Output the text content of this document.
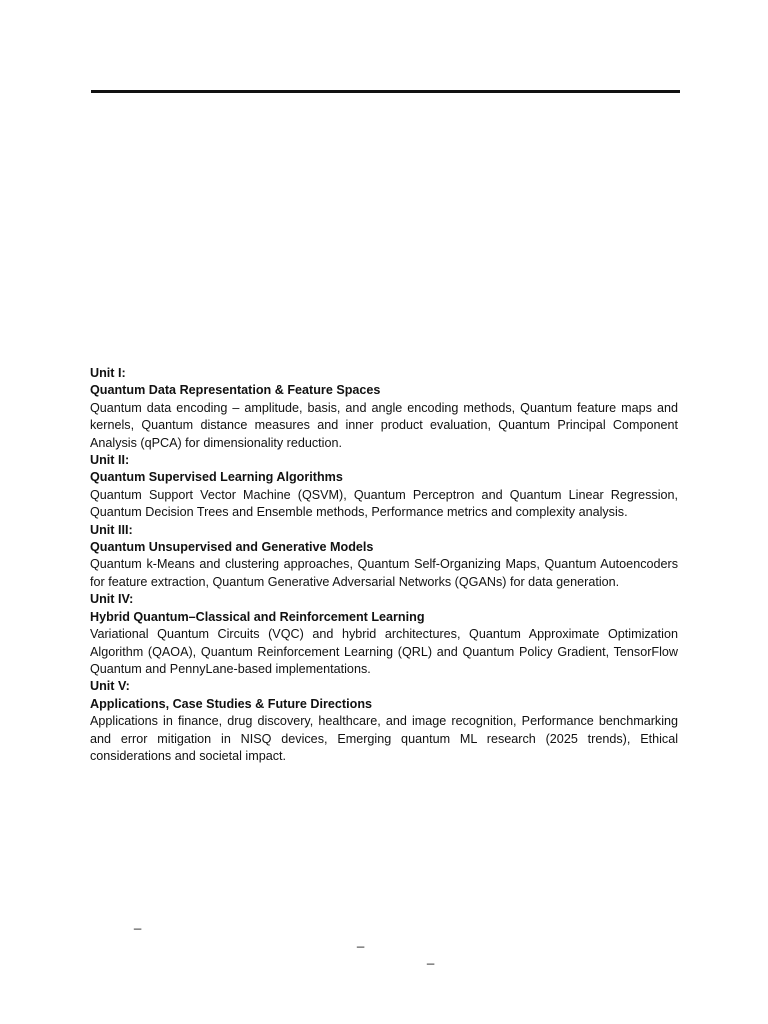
Unit I:

Quantum Data Representation & Feature Spaces

Quantum data encoding – amplitude, basis, and angle encoding methods, Quantum feature maps and kernels, Quantum distance measures and inner product evaluation, Quantum Principal Component Analysis (qPCA) for dimensionality reduction.

Unit II:

Quantum Supervised Learning Algorithms

Quantum Support Vector Machine (QSVM), Quantum Perceptron and Quantum Linear Regression, Quantum Decision Trees and Ensemble methods, Performance metrics and complexity analysis.

Unit III:

Quantum Unsupervised and Generative Models

Quantum k-Means and clustering approaches, Quantum Self-Organizing Maps, Quantum Autoencoders for feature extraction, Quantum Generative Adversarial Networks (QGANs) for data generation.

Unit IV:

Hybrid Quantum–Classical and Reinforcement Learning

Variational Quantum Circuits (VQC) and hybrid architectures, Quantum Approximate Optimization Algorithm (QAOA), Quantum Reinforcement Learning (QRL) and Quantum Policy Gradient, TensorFlow Quantum and PennyLane-based implementations.

Unit V:

Applications, Case Studies & Future Directions

Applications in finance, drug discovery, healthcare, and image recognition, Performance benchmarking and error mitigation in NISQ devices, Emerging quantum ML research (2025 trends), Ethical considerations and societal impact.

_
_
_
